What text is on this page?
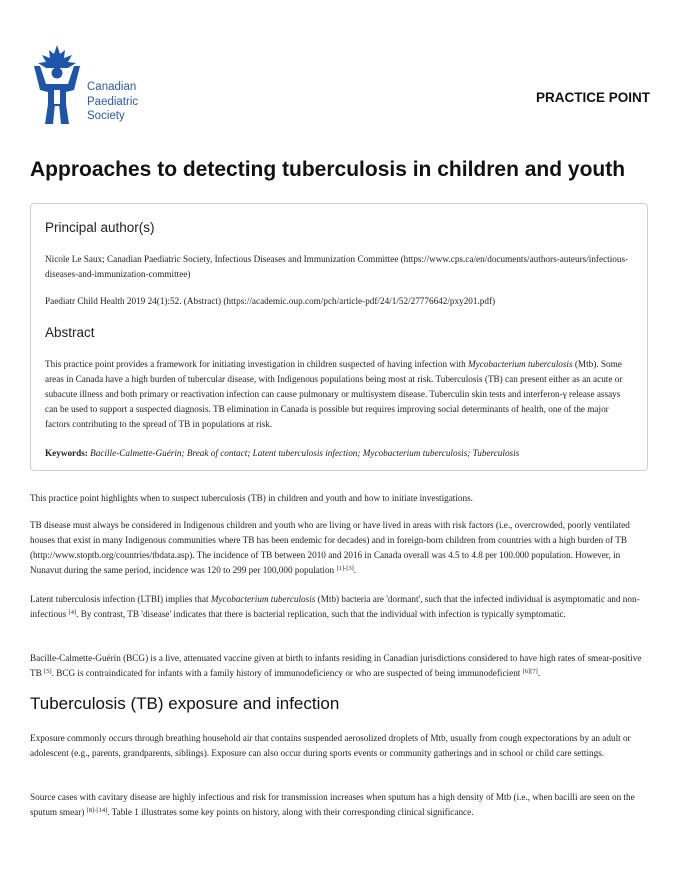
Canadian
Paediatric
Society
PRACTICE POINT
Approaches to detecting tuberculosis in children and youth
Principal author(s)

Nicole Le Saux; Canadian Paediatric Society, Infectious Diseases and Immunization Committee (https://www.cps.ca/en/documents/authors-auteurs/infectious-diseases-and-immunization-committee)

Paediatr Child Health 2019 24(1):52. (Abstract) (https://academic.oup.com/pch/article-pdf/24/1/52/27776642/pxy201.pdf)

Abstract

This practice point provides a framework for initiating investigation in children suspected of having infection with Mycobacterium tuberculosis (Mtb). Some areas in Canada have a high burden of tubercular disease, with Indigenous populations being most at risk. Tuberculosis (TB) can present either as an acute or subacute illness and both primary or reactivation infection can cause pulmonary or multisystem disease. Tuberculin skin tests and interferon-γ release assays can be used to support a suspected diagnosis. TB elimination in Canada is possible but requires improving social determinants of health, one of the major factors contributing to the spread of TB in populations at risk.

Keywords: Bacille-Calmette-Guérin; Break of contact; Latent tuberculosis infection; Mycobacterium tuberculosis; Tuberculosis

This practice point highlights when to suspect tuberculosis (TB) in children and youth and how to initiate investigations.

TB disease must always be considered in Indigenous children and youth who are living or have lived in areas with risk factors (i.e., overcrowded, poorly ventilated houses that exist in many Indigenous communities where TB has been endemic for decades) and in foreign-born children from countries with a high burden of TB (http://www.stoptb.org/countries/tbdata.asp). The incidence of TB between 2010 and 2016 in Canada overall was 4.5 to 4.8 per 100.000 population. However, in Nunavut during the same period, incidence was 120 to 299 per 100,000 population [1]-[3].

Latent tuberculosis infection (LTBI) implies that Mycobacterium tuberculosis (Mtb) bacteria are 'dormant', such that the infected individual is asymptomatic and non-infectious [4]. By contrast, TB 'disease' indicates that there is bacterial replication, such that the individual with infection is typically symptomatic.

Bacille-Calmette-Guérin (BCG) is a live, attenuated vaccine given at birth to infants residing in Canadian jurisdictions considered to have high rates of smear-positive TB [5]. BCG is contraindicated for infants with a family history of immunodeficiency or who are suspected of being immunodeficient [6][7].

Tuberculosis (TB) exposure and infection

Exposure commonly occurs through breathing household air that contains suspended aerosolized droplets of Mtb, usually from cough expectorations by an adult or adolescent (e.g., parents, grandparents, siblings). Exposure can also occur during sports events or community gatherings and in school or child care settings.

Source cases with cavitary disease are highly infectious and risk for transmission increases when sputum has a high density of Mtb (i.e., when bacilli are seen on the sputum smear) [8]-[14]. Table 1 illustrates some key points on history, along with their corresponding clinical significance.
